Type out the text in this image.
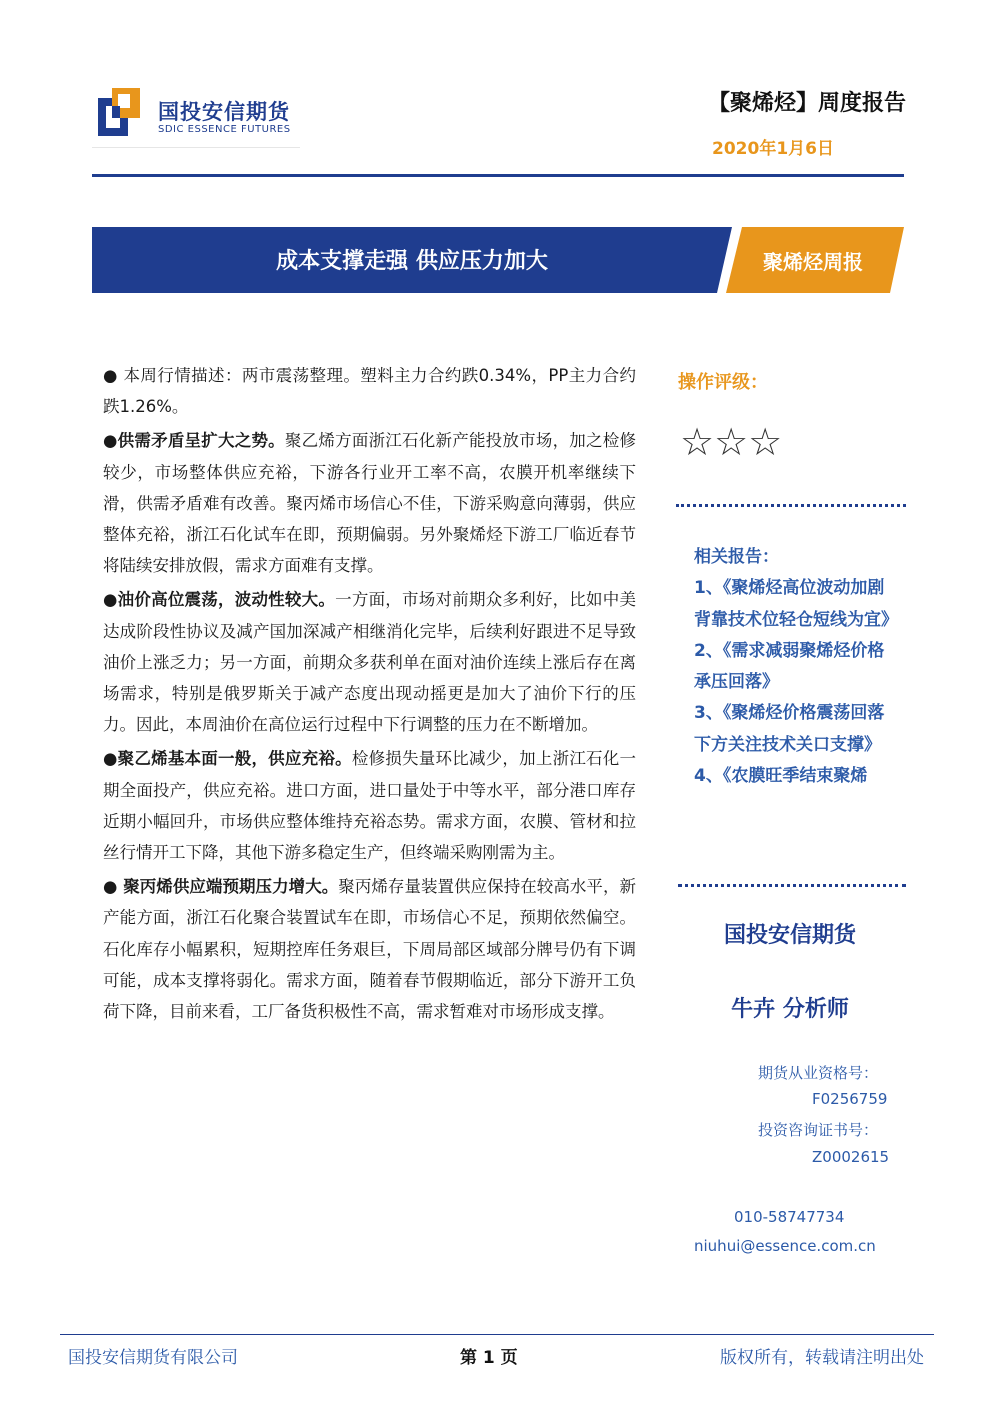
国投安信期货
SDIC ESSENCE FUTURES
【聚烯烃】周度报告
2020年1月6日
成本支撑走强 供应压力加大	聚烯烃周报

● 本周行情描述：两市震荡整理。塑料主力合约跌0.34%，PP主力合约跌1.26%。

●供需矛盾呈扩大之势。聚乙烯方面浙江石化新产能投放市场，加之检修较少，市场整体供应充裕，下游各行业开工率不高，农膜开机率继续下滑，供需矛盾难有改善。聚丙烯市场信心不佳，下游采购意向薄弱，供应整体充裕，浙江石化试车在即，预期偏弱。另外聚烯烃下游工厂临近春节将陆续安排放假，需求方面难有支撑。

●油价高位震荡，波动性较大。一方面，市场对前期众多利好，比如中美达成阶段性协议及减产国加深减产相继消化完毕，后续利好跟进不足导致油价上涨乏力；另一方面，前期众多获利单在面对油价连续上涨后存在离场需求，特别是俄罗斯关于减产态度出现动摇更是加大了油价下行的压力。因此，本周油价在高位运行过程中下行调整的压力在不断增加。

●聚乙烯基本面一般，供应充裕。检修损失量环比减少，加上浙江石化一期全面投产，供应充裕。进口方面，进口量处于中等水平，部分港口库存近期小幅回升，市场供应整体维持充裕态势。需求方面，农膜、管材和拉丝行情开工下降，其他下游多稳定生产，但终端采购刚需为主。

● 聚丙烯供应端预期压力增大。聚丙烯存量装置供应保持在较高水平，新产能方面，浙江石化聚合装置试车在即，市场信心不足，预期依然偏空。石化库存小幅累积，短期控库任务艰巨，下周局部区域部分牌号仍有下调可能，成本支撑将弱化。需求方面，随着春节假期临近，部分下游开工负荷下降，目前来看，工厂备货积极性不高，需求暂难对市场形成支撑。

操作评级：
☆☆☆
相关报告：
1、《聚烯烃高位波动加剧 背靠技术位轻仓短线为宜》
2、《需求减弱聚烯烃价格承压回落》
3、《聚烯烃价格震荡回落 下方关注技术关口支撑》
4、《农膜旺季结束聚烯
国投安信期货
牛卉 分析师
期货从业资格号：
F0256759
投资咨询证书号：
Z0002615
010-58747734
niuhui@essence.com.cn
国投安信期货有限公司	第 1 页	版权所有，转载请注明出处
